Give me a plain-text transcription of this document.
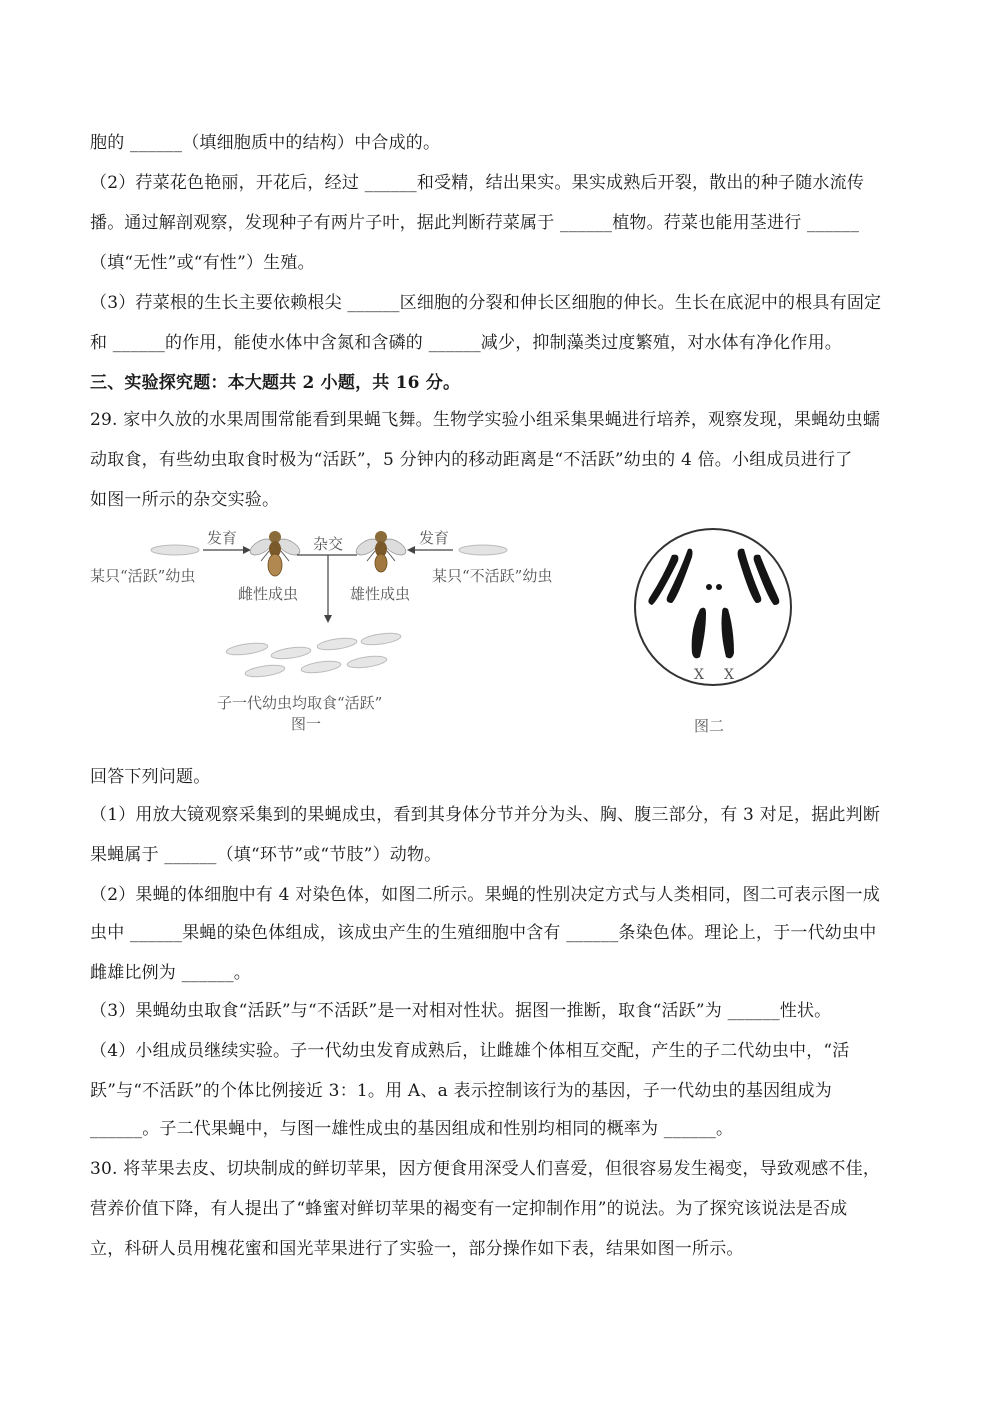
胞的 ______（填细胞质中的结构）中合成的。
（2）荇菜花色艳丽，开花后，经过 ______和受精，结出果实。果实成熟后开裂，散出的种子随水流传
播。通过解剖观察，发现种子有两片子叶，据此判断荇菜属于 ______植物。荇菜也能用茎进行 ______
（填“无性”或“有性”）生殖。
（3）荇菜根的生长主要依赖根尖 ______区细胞的分裂和伸长区细胞的伸长。生长在底泥中的根具有固定
和 ______的作用，能使水体中含氮和含磷的 ______减少，抑制藻类过度繁殖，对水体有净化作用。
三、实验探究题：本大题共 2 小题，共 16 分。
29. 家中久放的水果周围常能看到果蝇飞舞。生物学实验小组采集果蝇进行培养，观察发现，果蝇幼虫蠕
动取食，有些幼虫取食时极为“活跃”，5 分钟内的移动距离是“不活跃”幼虫的 4 倍。小组成员进行了
如图一所示的杂交实验。
发育	杂交	发育
某只“活跃”幼虫
雌性成虫	雄性成虫
某只“不活跃”幼虫
子一代幼虫均取食“活跃”
图一
X X
图二
回答下列问题。
（1）用放大镜观察采集到的果蝇成虫，看到其身体分节并分为头、胸、腹三部分，有 3 对足，据此判断
果蝇属于 ______（填“环节”或“节肢”）动物。
（2）果蝇的体细胞中有 4 对染色体，如图二所示。果蝇的性别决定方式与人类相同，图二可表示图一成
虫中 ______果蝇的染色体组成，该成虫产生的生殖细胞中含有 ______条染色体。理论上，于一代幼虫中
雌雄比例为 ______。
（3）果蝇幼虫取食“活跃”与“不活跃”是一对相对性状。据图一推断，取食“活跃”为 ______性状。
（4）小组成员继续实验。子一代幼虫发育成熟后，让雌雄个体相互交配，产生的子二代幼虫中，“活
跃”与“不活跃”的个体比例接近 3：1。用 A、a 表示控制该行为的基因，子一代幼虫的基因组成为
______。子二代果蝇中，与图一雄性成虫的基因组成和性别均相同的概率为 ______。
30. 将苹果去皮、切块制成的鲜切苹果，因方便食用深受人们喜爱，但很容易发生褐变，导致观感不佳，
营养价值下降，有人提出了“蜂蜜对鲜切苹果的褐变有一定抑制作用”的说法。为了探究该说法是否成
立，科研人员用槐花蜜和国光苹果进行了实验一，部分操作如下表，结果如图一所示。
